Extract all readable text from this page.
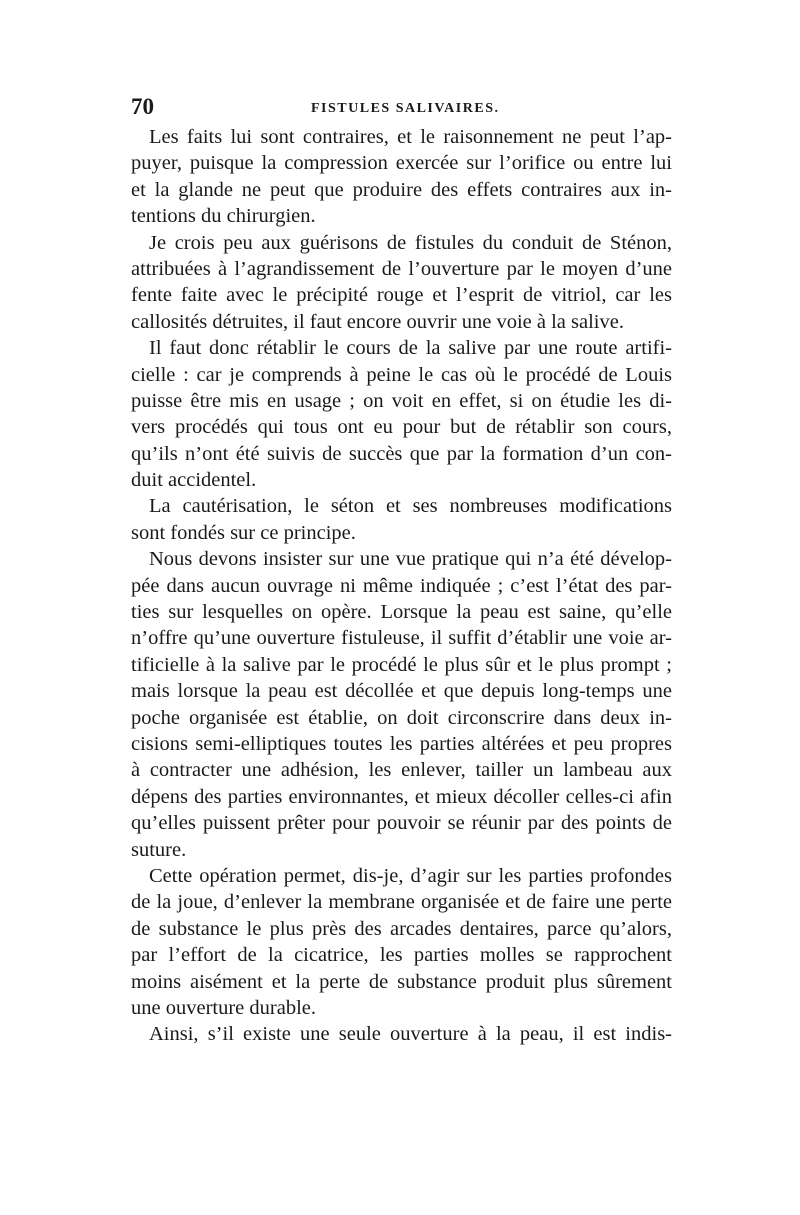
70	FISTULES SALIVAIRES.
Les faits lui sont contraires, et le raisonnement ne peut l’ap-
puyer, puisque la compression exercée sur l’orifice ou entre lui
et la glande ne peut que produire des effets contraires aux in-
tentions du chirurgien.
Je crois peu aux guérisons de fistules du conduit de Sténon,
attribuées à l’agrandissement de l’ouverture par le moyen d’une
fente faite avec le précipité rouge et l’esprit de vitriol, car les
callosités détruites, il faut encore ouvrir une voie à la salive.
Il faut donc rétablir le cours de la salive par une route artifi-
cielle : car je comprends à peine le cas où le procédé de Louis
puisse être mis en usage ; on voit en effet, si on étudie les di-
vers procédés qui tous ont eu pour but de rétablir son cours,
qu’ils n’ont été suivis de succès que par la formation d’un con-
duit accidentel.
La cautérisation, le séton et ses nombreuses modifications
sont fondés sur ce principe.
Nous devons insister sur une vue pratique qui n’a été dévelop-
pée dans aucun ouvrage ni même indiquée ; c’est l’état des par-
ties sur lesquelles on opère. Lorsque la peau est saine, qu’elle
n’offre qu’une ouverture fistuleuse, il suffit d’établir une voie ar-
tificielle à la salive par le procédé le plus sûr et le plus prompt ;
mais lorsque la peau est décollée et que depuis long-temps une
poche organisée est établie, on doit circonscrire dans deux in-
cisions semi-elliptiques toutes les parties altérées et peu propres
à contracter une adhésion, les enlever, tailler un lambeau aux
dépens des parties environnantes, et mieux décoller celles-ci afin
qu’elles puissent prêter pour pouvoir se réunir par des points de
suture.
Cette opération permet, dis-je, d’agir sur les parties profondes
de la joue, d’enlever la membrane organisée et de faire une perte
de substance le plus près des arcades dentaires, parce qu’alors,
par l’effort de la cicatrice, les parties molles se rapprochent
moins aisément et la perte de substance produit plus sûrement
une ouverture durable.
Ainsi, s’il existe une seule ouverture à la peau, il est indis-
